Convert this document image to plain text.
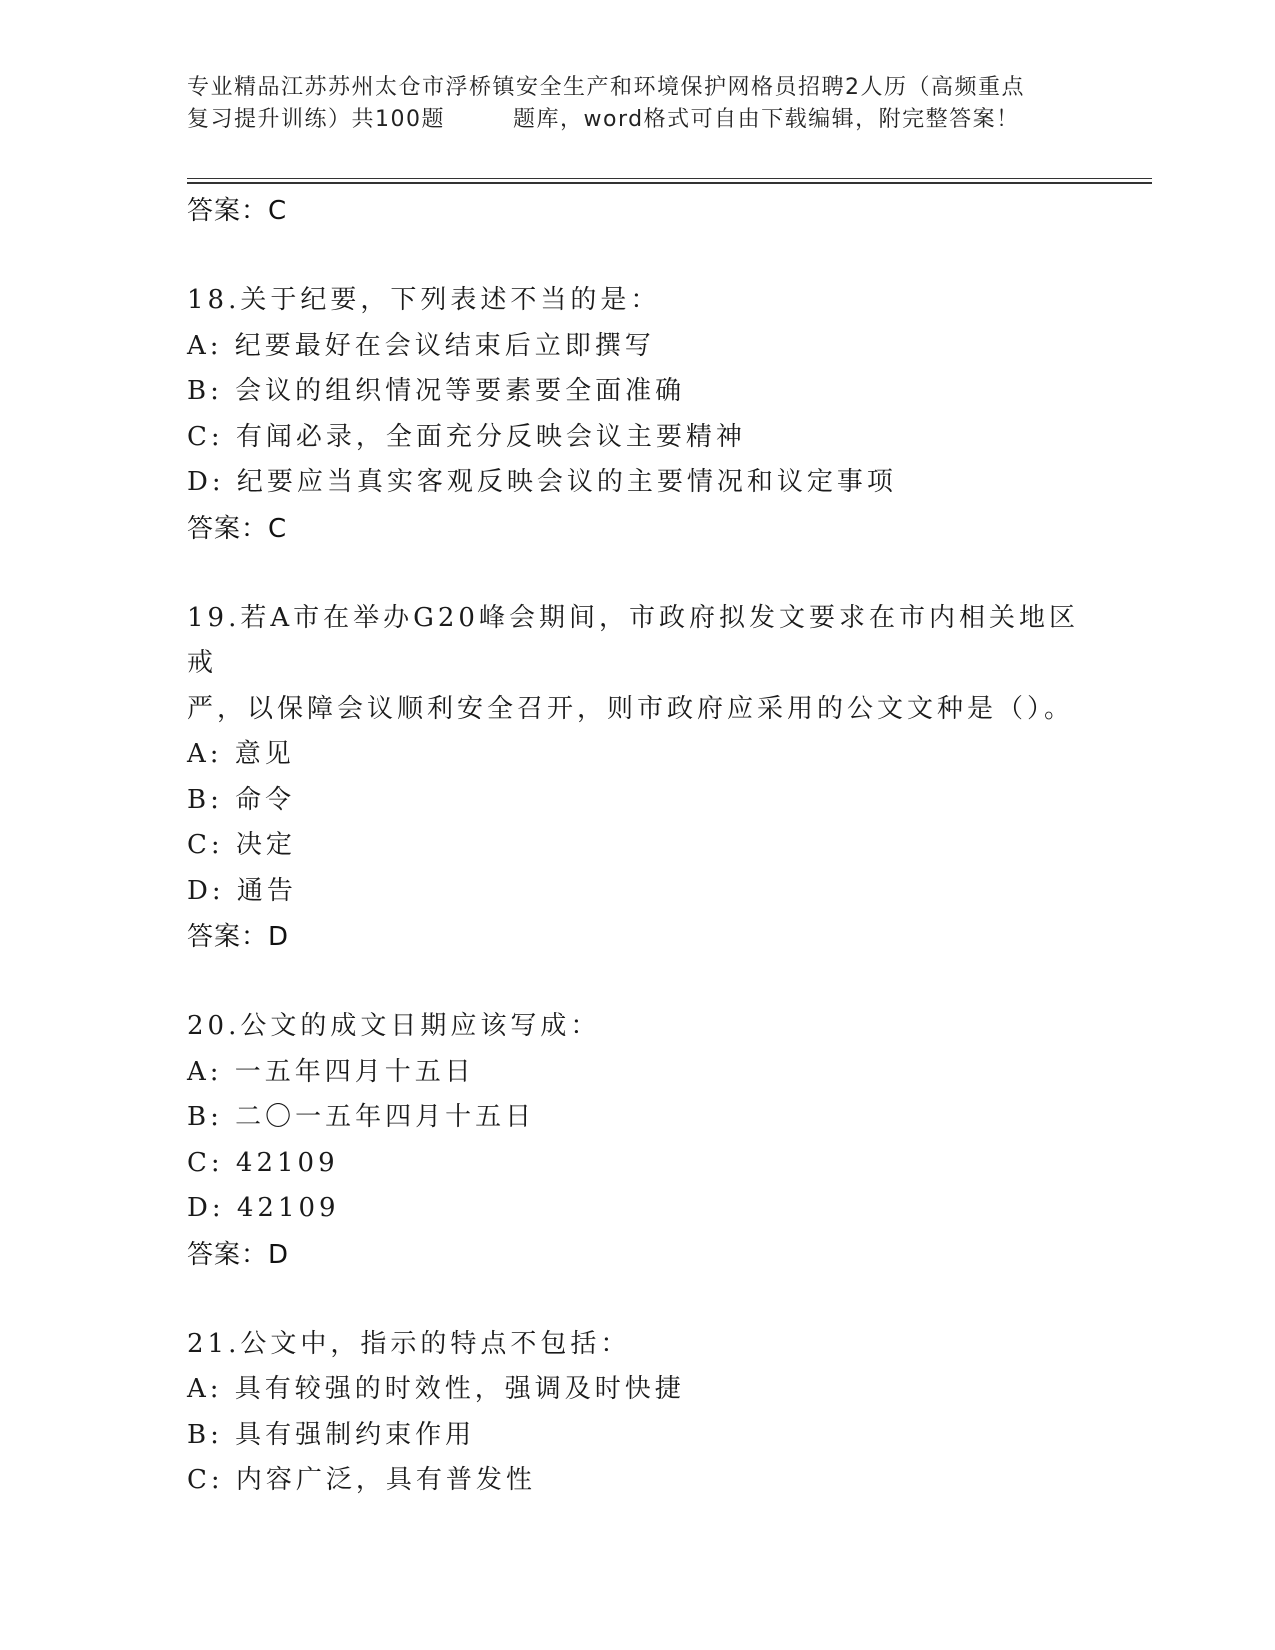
专业精品江苏苏州太仓市浮桥镇安全生产和环境保护网格员招聘2人历（高频重点
复习提升训练）共100题	题库，word格式可自由下载编辑，附完整答案！
答案：C
18.关于纪要，下列表述不当的是：
A: 纪要最好在会议结束后立即撰写
B: 会议的组织情况等要素要全面准确
C: 有闻必录，全面充分反映会议主要精神
D: 纪要应当真实客观反映会议的主要情况和议定事项
答案：C
19.若A市在举办G20峰会期间，市政府拟发文要求在市内相关地区戒
严，以保障会议顺利安全召开，则市政府应采用的公文文种是（）。
A: 意见
B: 命令
C: 决定
D: 通告
答案：D
20.公文的成文日期应该写成：
A: 一五年四月十五日
B: 二〇一五年四月十五日
C: 42109
D: 42109
答案：D
21.公文中，指示的特点不包括：
A: 具有较强的时效性，强调及时快捷
B: 具有强制约束作用
C: 内容广泛，具有普发性
